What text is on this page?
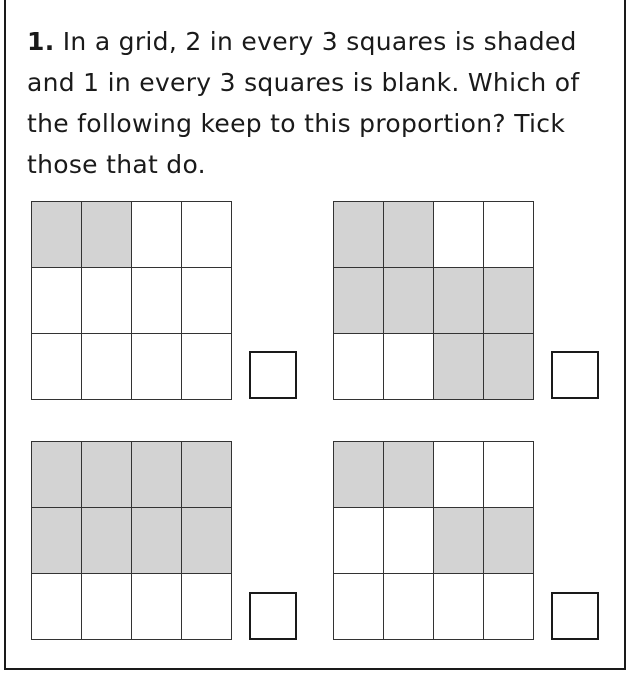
1. In a grid, 2 in every 3 squares is shaded and 1 in every 3 squares is blank. Which of the following keep to this proportion? Tick those that do.
